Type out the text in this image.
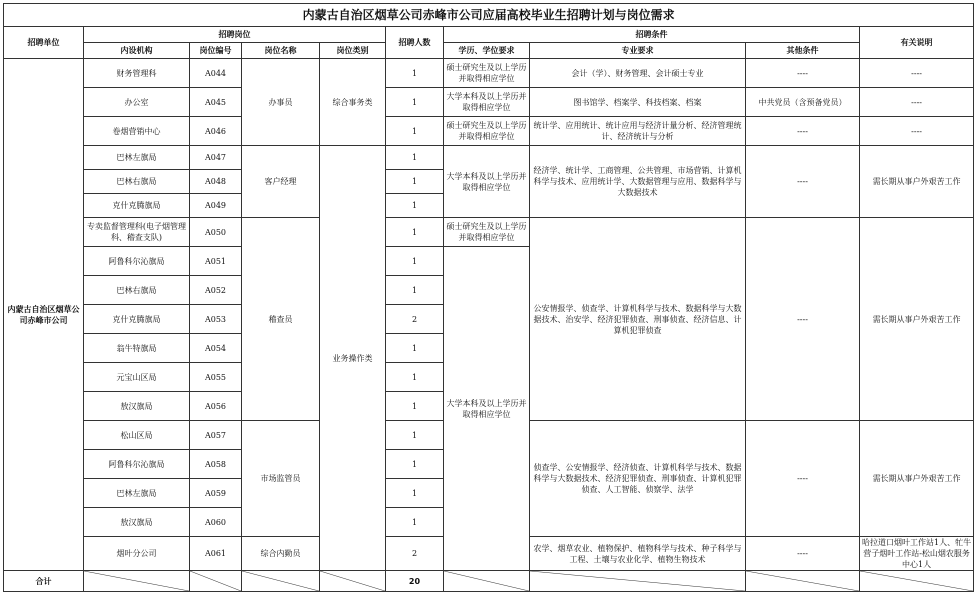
内蒙古自治区烟草公司赤峰市公司应届高校毕业生招聘计划与岗位需求									
招聘单位	招聘岗位				招聘人数	招聘条件			有关说明
	内设机构	岗位编号	岗位名称	岗位类别		学历、学位要求	专业要求	其他条件	
内蒙古自治区烟草公司赤峰市公司	财务管理科	A044	办事员	综合事务类	1	硕士研究生及以上学历并取得相应学位	会计（学）、财务管理、会计硕士专业	----	----
	办公室	A045			1	大学本科及以上学历并取得相应学位	图书馆学、档案学、科技档案、档案	中共党员（含预备党员）	----
	卷烟营销中心	A046			1	硕士研究生及以上学历并取得相应学位	统计学、应用统计、统计应用与经济计量分析、经济管理统计、经济统计与分析	----	----
	巴林左旗局	A047	客户经理	业务操作类	1	大学本科及以上学历并取得相应学位	经济学、统计学、工商管理、公共管理、市场营销、计算机科学与技术、应用统计学、大数据管理与应用、数据科学与大数据技术	----	需长期从事户外艰苦工作
	巴林右旗局	A048			1				
	克什克腾旗局	A049			1				
	专卖监督管理科(电子烟管理科、稽查支队)	A050	稽查员		1	硕士研究生及以上学历并取得相应学位	公安情报学、侦查学、计算机科学与技术、数据科学与大数据技术、治安学、经济犯罪侦查、刑事侦查、经济信息、计算机犯罪侦查	----	需长期从事户外艰苦工作
	阿鲁科尔沁旗局	A051			1	大学本科及以上学历并取得相应学位			
	巴林右旗局	A052			1				
	克什克腾旗局	A053			2				
	翁牛特旗局	A054			1				
	元宝山区局	A055			1				
	敖汉旗局	A056			1				
	松山区局	A057	市场监管员		1		侦查学、公安情报学、经济侦查、计算机科学与技术、数据科学与大数据技术、经济犯罪侦查、刑事侦查、计算机犯罪侦查、人工智能、侦察学、法学	----	需长期从事户外艰苦工作
	阿鲁科尔沁旗局	A058			1				
	巴林左旗局	A059			1				
	敖汉旗局	A060			1				
	烟叶分公司	A061	综合内勤员		2		农学、烟草农业、植物保护、植物科学与技术、种子科学与工程、土壤与农业化学、植物生物技术	----	哈拉道口烟叶工作站1人、牤牛营子烟叶工作站-松山烟农服务中心1人
合计					20				
